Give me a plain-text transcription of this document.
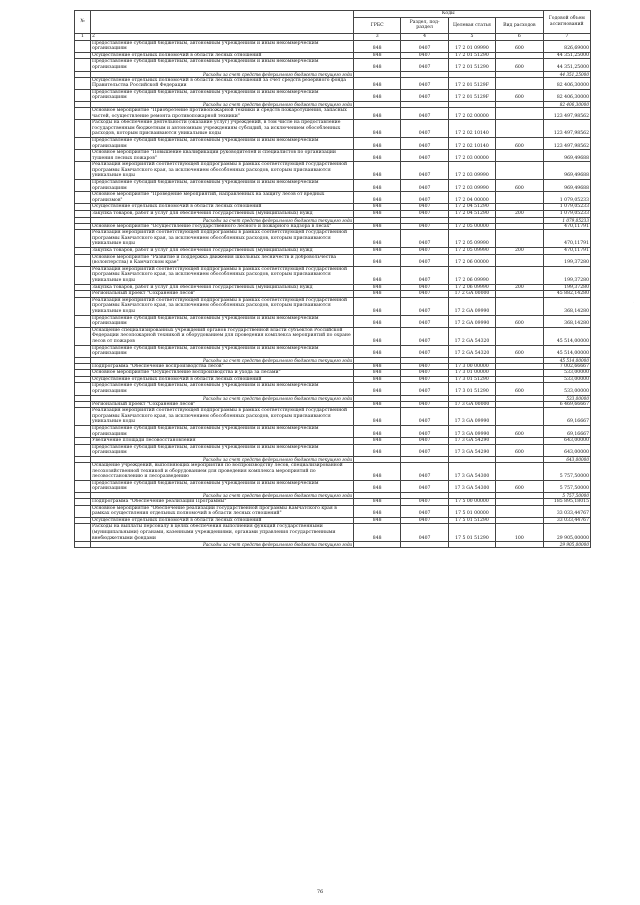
№		Коды				Годовой объем ассигнований
		ГРБС	Раздел, под-раздел	Целевая статья	Вид расходов	
1	2	3	4	5	6	7
	Предоставление субсидий бюджетным, автономным учреждениям и иным некоммерческим организациям	848	0407	17 2 01 09990	600	826,69000
	Осуществление отдельных полномочий в области лесных отношений	848	0407	17 2 01 51290		44 351,25000
	Предоставление субсидий бюджетным, автономным учреждениям и иным некоммерческим организациям	848	0407	17 2 01 51290	600	44 351,25000
	Расходы за счет средств федерального бюджета текущего года					44 351,25000
	Осуществление отдельных полномочий в области лесных отношений за счет средств резервного фонда Правительства Российской Федерации	848	0407	17 2 01 5129F		82 406,30000
	Предоставление субсидий бюджетным, автономным учреждениям и иным некоммерческим организациям	848	0407	17 2 01 5129F	600	82 406,30000
	Расходы за счет средств федерального бюджета текущего года					82 406,30000
	Основное мероприятие "Приобретение противопожарной техники и средств пожаротушения, запасных частей, осуществление ремонта противопожарной техники"	848	0407	17 2 02 00000		123 497,98562
	Расходы на обеспечение деятельности (оказание услуг) учреждений, в том числе на предоставление государственным бюджетным и автономным учреждениям субсидий, за исключением обособленных расходов, которым присваиваются уникальные коды	848	0407	17 2 02 10140		123 497,98562
	Предоставление субсидий бюджетным, автономным учреждениям и иным некоммерческим организациям	848	0407	17 2 02 10140	600	123 497,98562
	Основное мероприятие "Повышение квалификации руководителей и специалистов по организации тушения лесных пожаров"	848	0407	17 2 03 00000		969,49688
	Реализация мероприятий соответствующей подпрограммы в рамках соответствующей государственной программы Камчатского края, за исключением обособленных расходов, которым присваиваются уникальные коды	848	0407	17 2 03 09990		969,49688
	Предоставление субсидий бюджетным, автономным учреждениям и иным некоммерческим организациям	848	0407	17 2 03 09990	600	969,49688
	Основное мероприятие "Проведение мероприятий, направленных на защиту лесов от вредных организмов"	848	0407	17 2 04 00000		1 079,05233
	Осуществление отдельных полномочий в области лесных отношений	848	0407	17 2 04 51290		1 079,05233
	Закупка товаров, работ и услуг для обеспечения государственных (муниципальных) нужд	848	0407	17 2 04 51290	200	1 079,05233
	Расходы за счет средств федерального бюджета текущего года					1 079,05233
	Основное мероприятие "Осуществление государственного лесного и пожарного надзора в лесах"	848	0407	17 2 05 00000		470,11791
	Реализация мероприятий соответствующей подпрограммы в рамках соответствующей государственной программы Камчатского края, за исключением обособленных расходов, которым присваиваются уникальные коды	848	0407	17 2 05 09990		470,11791
	Закупка товаров, работ и услуг для обеспечения государственных (муниципальных) нужд	848	0407	17 2 05 09990	200	470,11791
	Основное мероприятие "Развитие и поддержка движения школьных лесничеств и добровольчества (волонтерства) в Камчатском крае"	848	0407	17 2 06 00000		199,37280
	Реализация мероприятий соответствующей подпрограммы в рамках соответствующей государственной программы Камчатского края, за исключением обособленных расходов, которым присваиваются уникальные коды	848	0407	17 2 06 09990		199,37280
	Закупка товаров, работ и услуг для обеспечения государственных (муниципальных) нужд	848	0407	17 2 06 09990	200	199,37280
	Региональный проект "Сохранение лесов"	848	0407	17 2 GA 00000		45 882,14280
	Реализация мероприятий соответствующей подпрограммы в рамках соответствующей государственной программы Камчатского края, за исключением обособленных расходов, которым присваиваются уникальные коды	848	0407	17 2 GA 09990		368,14280
	Предоставление субсидий бюджетным, автономным учреждениям и иным некоммерческим организациям	848	0407	17 2 GA 09990	600	368,14280
	Оснащение специализированных учреждений органов государственной власти субъектов Российской Федерации лесопожарной техникой и оборудованием для проведения комплекса мероприятий по охране лесов от пожаров	848	0407	17 2 GA 54320		45 514,00000
	Предоставление субсидий бюджетным, автономным учреждениям и иным некоммерческим организациям	848	0407	17 2 GA 54320	600	45 514,00000
	Расходы за счет средств федерального бюджета текущего года					45 514,00000
	Подпрограмма "Обеспечение воспроизводства лесов"	848	0407	17 3 00 00000		7 002,66667
	Основное мероприятие "Осуществление воспроизводства и ухода за лесами"	848	0407	17 3 01 00000		533,00000
	Осуществление отдельных полномочий в области лесных отношений	848	0407	17 3 01 51290		533,00000
	Предоставление субсидий бюджетным, автономным учреждениям и иным некоммерческим организациям	848	0407	17 3 01 51290	600	533,00000
	Расходы за счет средств федерального бюджета текущего года					533,00000
	Региональный проект "Сохранение лесов"	848	0407	17 3 GA 00000		6 469,66667
	Реализация мероприятий соответствующей подпрограммы в рамках соответствующей государственной программы Камчатского края, за исключением обособленных расходов, которым присваиваются уникальные коды	848	0407	17 3 GA 09990		69,16667
	Предоставление субсидий бюджетным, автономным учреждениям и иным некоммерческим организациям	848	0407	17 3 GA 09990	600	69,16667
	Увеличение площади лесовосстановления	848	0407	17 3 GA 54290		643,00000
	Предоставление субсидий бюджетным, автономным учреждениям и иным некоммерческим организациям	848	0407	17 3 GA 54290	600	643,00000
	Расходы за счет средств федерального бюджета текущего года					643,00000
	Оснащение учреждений, выполняющих мероприятия по воспроизводству лесов, специализированной лесохозяйственной техникой и оборудованием для проведения комплекса мероприятий по лесовосстановлению и лесоразведению	848	0407	17 3 GA 54300		5 757,50000
	Предоставление субсидий бюджетным, автономным учреждениям и иным некоммерческим организациям	848	0407	17 3 GA 54300	600	5 757,50000
	Расходы за счет средств федерального бюджета текущего года					5 757,50000
	Подпрограмма "Обеспечение реализации Программы"	848	0407	17 5 00 00000		185 895,18015
	Основное мероприятие "Обеспечение реализации государственной программы Камчатского края в рамках осуществления отдельных полномочий в области лесных отношений"	848	0407	17 5 01 00000		33 033,44767
	Осуществление отдельных полномочий в области лесных отношений	848	0407	17 5 01 51290		33 033,44767
	Расходы на выплаты персоналу в целях обеспечения выполнения функций государственными (муниципальными) органами, казенными учреждениями, органами управления государственными внебюджетными фондами	848	0407	17 5 01 51290	100	29 905,00000
	Расходы за счет средств федерального бюджета текущего года					29 905,00000
76
·
